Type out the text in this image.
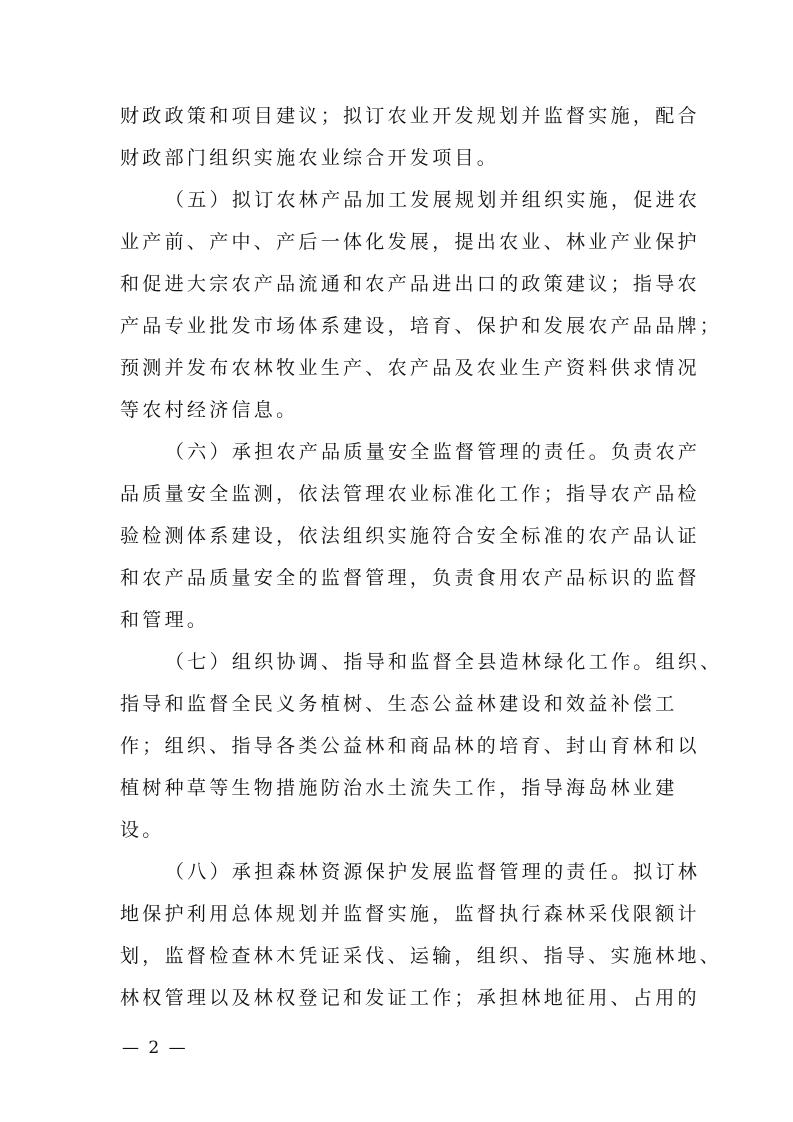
财政政策和项目建议；拟订农业开发规划并监督实施，配合
财政部门组织实施农业综合开发项目。
（五）拟订农林产品加工发展规划并组织实施，促进农
业产前、产中、产后一体化发展，提出农业、林业产业保护
和促进大宗农产品流通和农产品进出口的政策建议；指导农
产品专业批发市场体系建设，培育、保护和发展农产品品牌；
预测并发布农林牧业生产、农产品及农业生产资料供求情况
等农村经济信息。
（六）承担农产品质量安全监督管理的责任。负责农产
品质量安全监测，依法管理农业标准化工作；指导农产品检
验检测体系建设，依法组织实施符合安全标准的农产品认证
和农产品质量安全的监督管理，负责食用农产品标识的监督
和管理。
（七）组织协调、指导和监督全县造林绿化工作。组织、
指导和监督全民义务植树、生态公益林建设和效益补偿工
作；组织、指导各类公益林和商品林的培育、封山育林和以
植树种草等生物措施防治水土流失工作，指导海岛林业建
设。
（八）承担森林资源保护发展监督管理的责任。拟订林
地保护利用总体规划并监督实施，监督执行森林采伐限额计
划，监督检查林木凭证采伐、运输，组织、指导、实施林地、
林权管理以及林权登记和发证工作；承担林地征用、占用的
— 2 —
